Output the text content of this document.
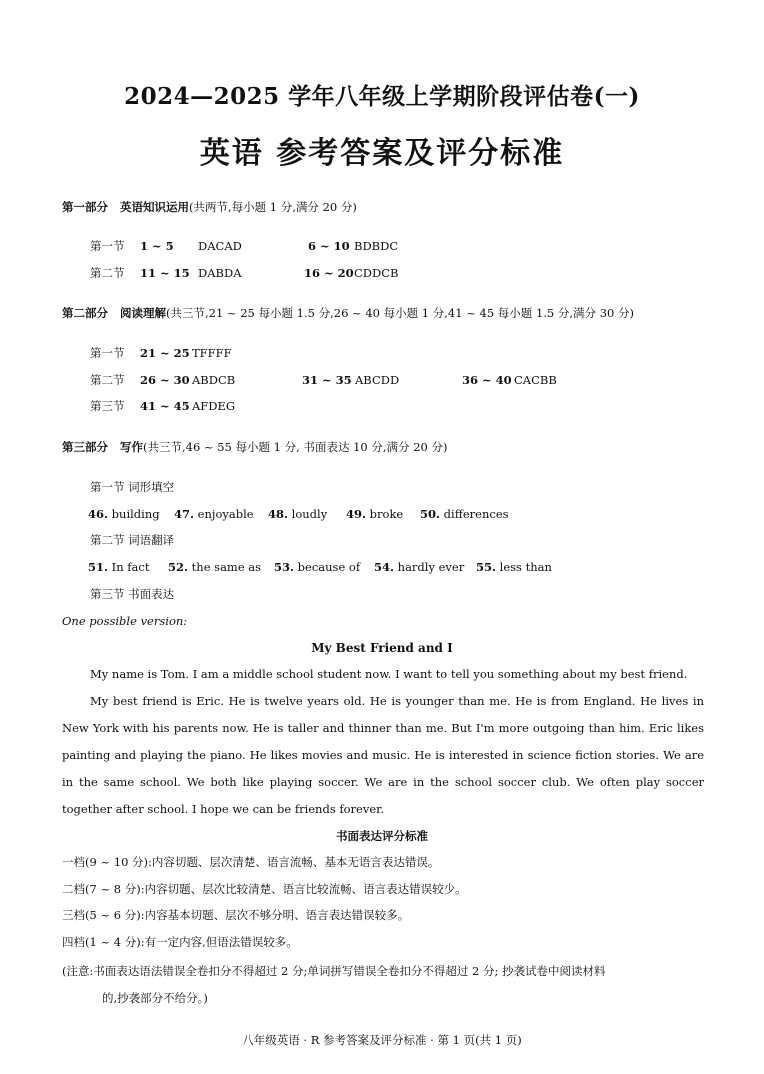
2024—2025 学年八年级上学期阶段评估卷(一)
英语 参考答案及评分标准
第一部分 英语知识运用(共两节,每小题 1 分,满分 20 分)
第一节 1 ~ 5 DACAD	6 ~ 10 BDBDC
第二节 11 ~ 15 DABDA	16 ~ 20 CDDCB
第二部分 阅读理解(共三节,21 ~ 25 每小题 1.5 分,26 ~ 40 每小题 1 分,41 ~ 45 每小题 1.5 分,满分 30 分)
第一节 21 ~ 25 TFFFF
第二节 26 ~ 30 ABDCB	31 ~ 35 ABCDD	36 ~ 40 CACBB
第三节 41 ~ 45 AFDEG
第三部分 写作(共三节,46 ~ 55 每小题 1 分, 书面表达 10 分,满分 20 分)
第一节 词形填空
46. building 47. enjoyable 48. loudly 49. broke 50. differences
第二节 词语翻译
51. In fact 52. the same as 53. because of 54. hardly ever 55. less than
第三节 书面表达
One possible version:
My Best Friend and I
My name is Tom. I am a middle school student now. I want to tell you something about my best friend.
My best friend is Eric. He is twelve years old. He is younger than me. He is from England. He lives in New York with his parents now. He is taller and thinner than me. But I'm more outgoing than him. Eric likes painting and playing the piano. He likes movies and music. He is interested in science fiction stories. We are in the same school. We both like playing soccer. We are in the school soccer club. We often play soccer together after school. I hope we can be friends forever.
书面表达评分标准
一档(9 ~ 10 分):内容切题、层次清楚、语言流畅、基本无语言表达错误。
二档(7 ~ 8 分):内容切题、层次比较清楚、语言比较流畅、语言表达错误较少。
三档(5 ~ 6 分):内容基本切题、层次不够分明、语言表达错误较多。
四档(1 ~ 4 分):有一定内容,但语法错误较多。
(注意:书面表达语法错误全卷扣分不得超过 2 分;单词拼写错误全卷扣分不得超过 2 分; 抄袭试卷中阅读材料
的,抄袭部分不给分。)
八年级英语 · R 参考答案及评分标准 · 第 1 页(共 1 页)
